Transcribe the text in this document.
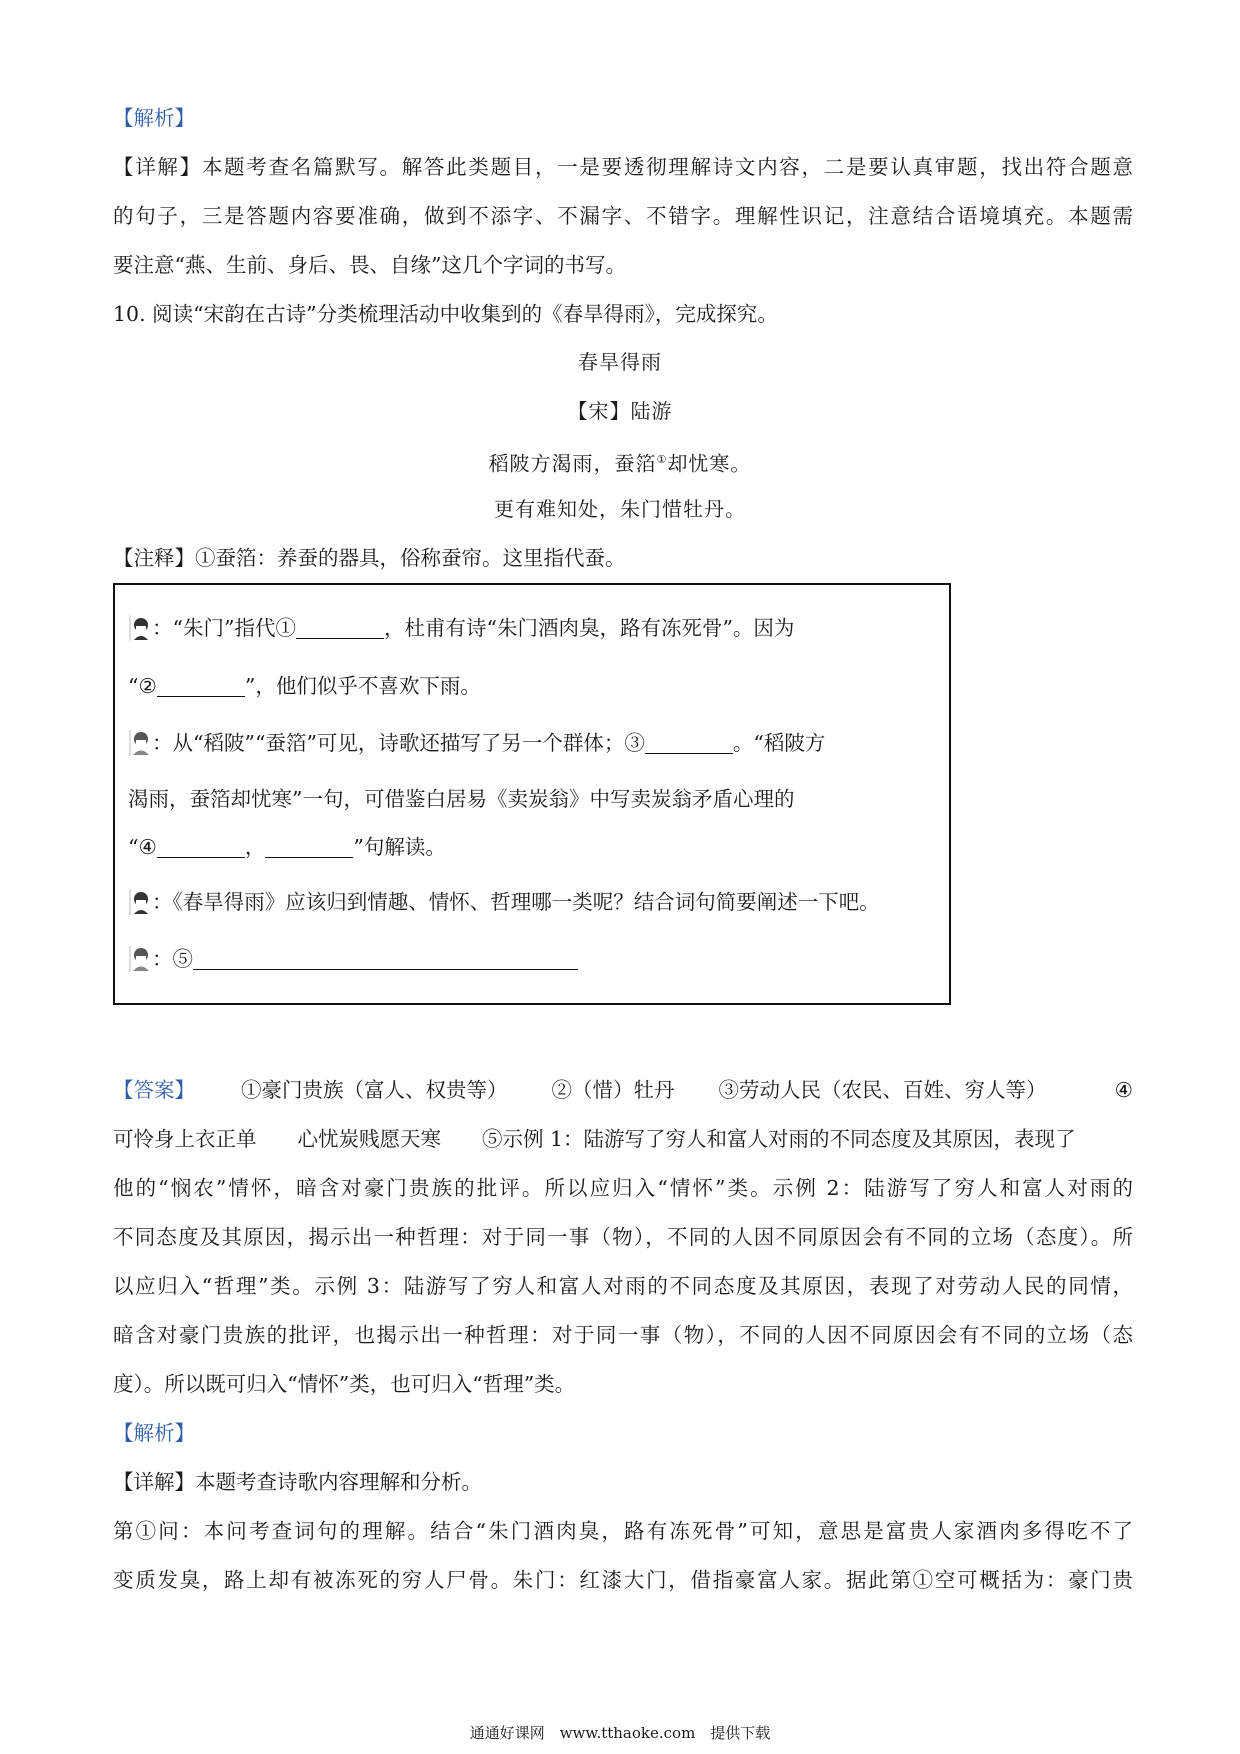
【解析】
【详解】本题考查名篇默写。解答此类题目，一是要透彻理解诗文内容，二是要认真审题，找出符合题意
的句子，三是答题内容要准确，做到不添字、不漏字、不错字。理解性识记，注意结合语境填充。本题需
要注意“燕、生前、身后、畏、自缘”这几个字词的书写。
10. 阅读“宋韵在古诗”分类梳理活动中收集到的《春旱得雨》，完成探究。
春旱得雨
【宋】陆游
稻陂方渴雨，蚕箔①却忧寒。
更有难知处，朱门惜牡丹。
【注释】①蚕箔：养蚕的器具，俗称蚕帘。这里指代蚕。
：“朱门”指代①	，杜甫有诗“朱门酒肉臭，路有冻死骨”。因为
“②	”，他们似乎不喜欢下雨。
：从“稻陂”“蚕箔”可见，诗歌还描写了另一个群体；③	。“稻陂方
渴雨，蚕箔却忧寒”一句，可借鉴白居易《卖炭翁》中写卖炭翁矛盾心理的
“④	，	”句解读。
：《春旱得雨》应该归到情趣、情怀、哲理哪一类呢？结合词句简要阐述一下吧。
：⑤
【答案】 ①豪门贵族（富人、权贵等） ②（惜）牡丹 ③劳动人民（农民、百姓、穷人等）	④
可怜身上衣正单　　心忧炭贱愿天寒　　⑤示例 1：陆游写了穷人和富人对雨的不同态度及其原因，表现了
他的“悯农”情怀，暗含对豪门贵族的批评。所以应归入“情怀”类。示例 2：陆游写了穷人和富人对雨的
不同态度及其原因，揭示出一种哲理：对于同一事（物），不同的人因不同原因会有不同的立场（态度）。所
以应归入“哲理”类。示例 3：陆游写了穷人和富人对雨的不同态度及其原因，表现了对劳动人民的同情，
暗含对豪门贵族的批评，也揭示出一种哲理：对于同一事（物），不同的人因不同原因会有不同的立场（态
度）。所以既可归入“情怀”类，也可归入“哲理”类。
【解析】
【详解】本题考查诗歌内容理解和分析。
第①问：本问考查词句的理解。结合“朱门酒肉臭，路有冻死骨”可知，意思是富贵人家酒肉多得吃不了
变质发臭，路上却有被冻死的穷人尸骨。朱门：红漆大门，借指豪富人家。据此第①空可概括为：豪门贵
通通好课网　www.tthaoke.com　提供下载
